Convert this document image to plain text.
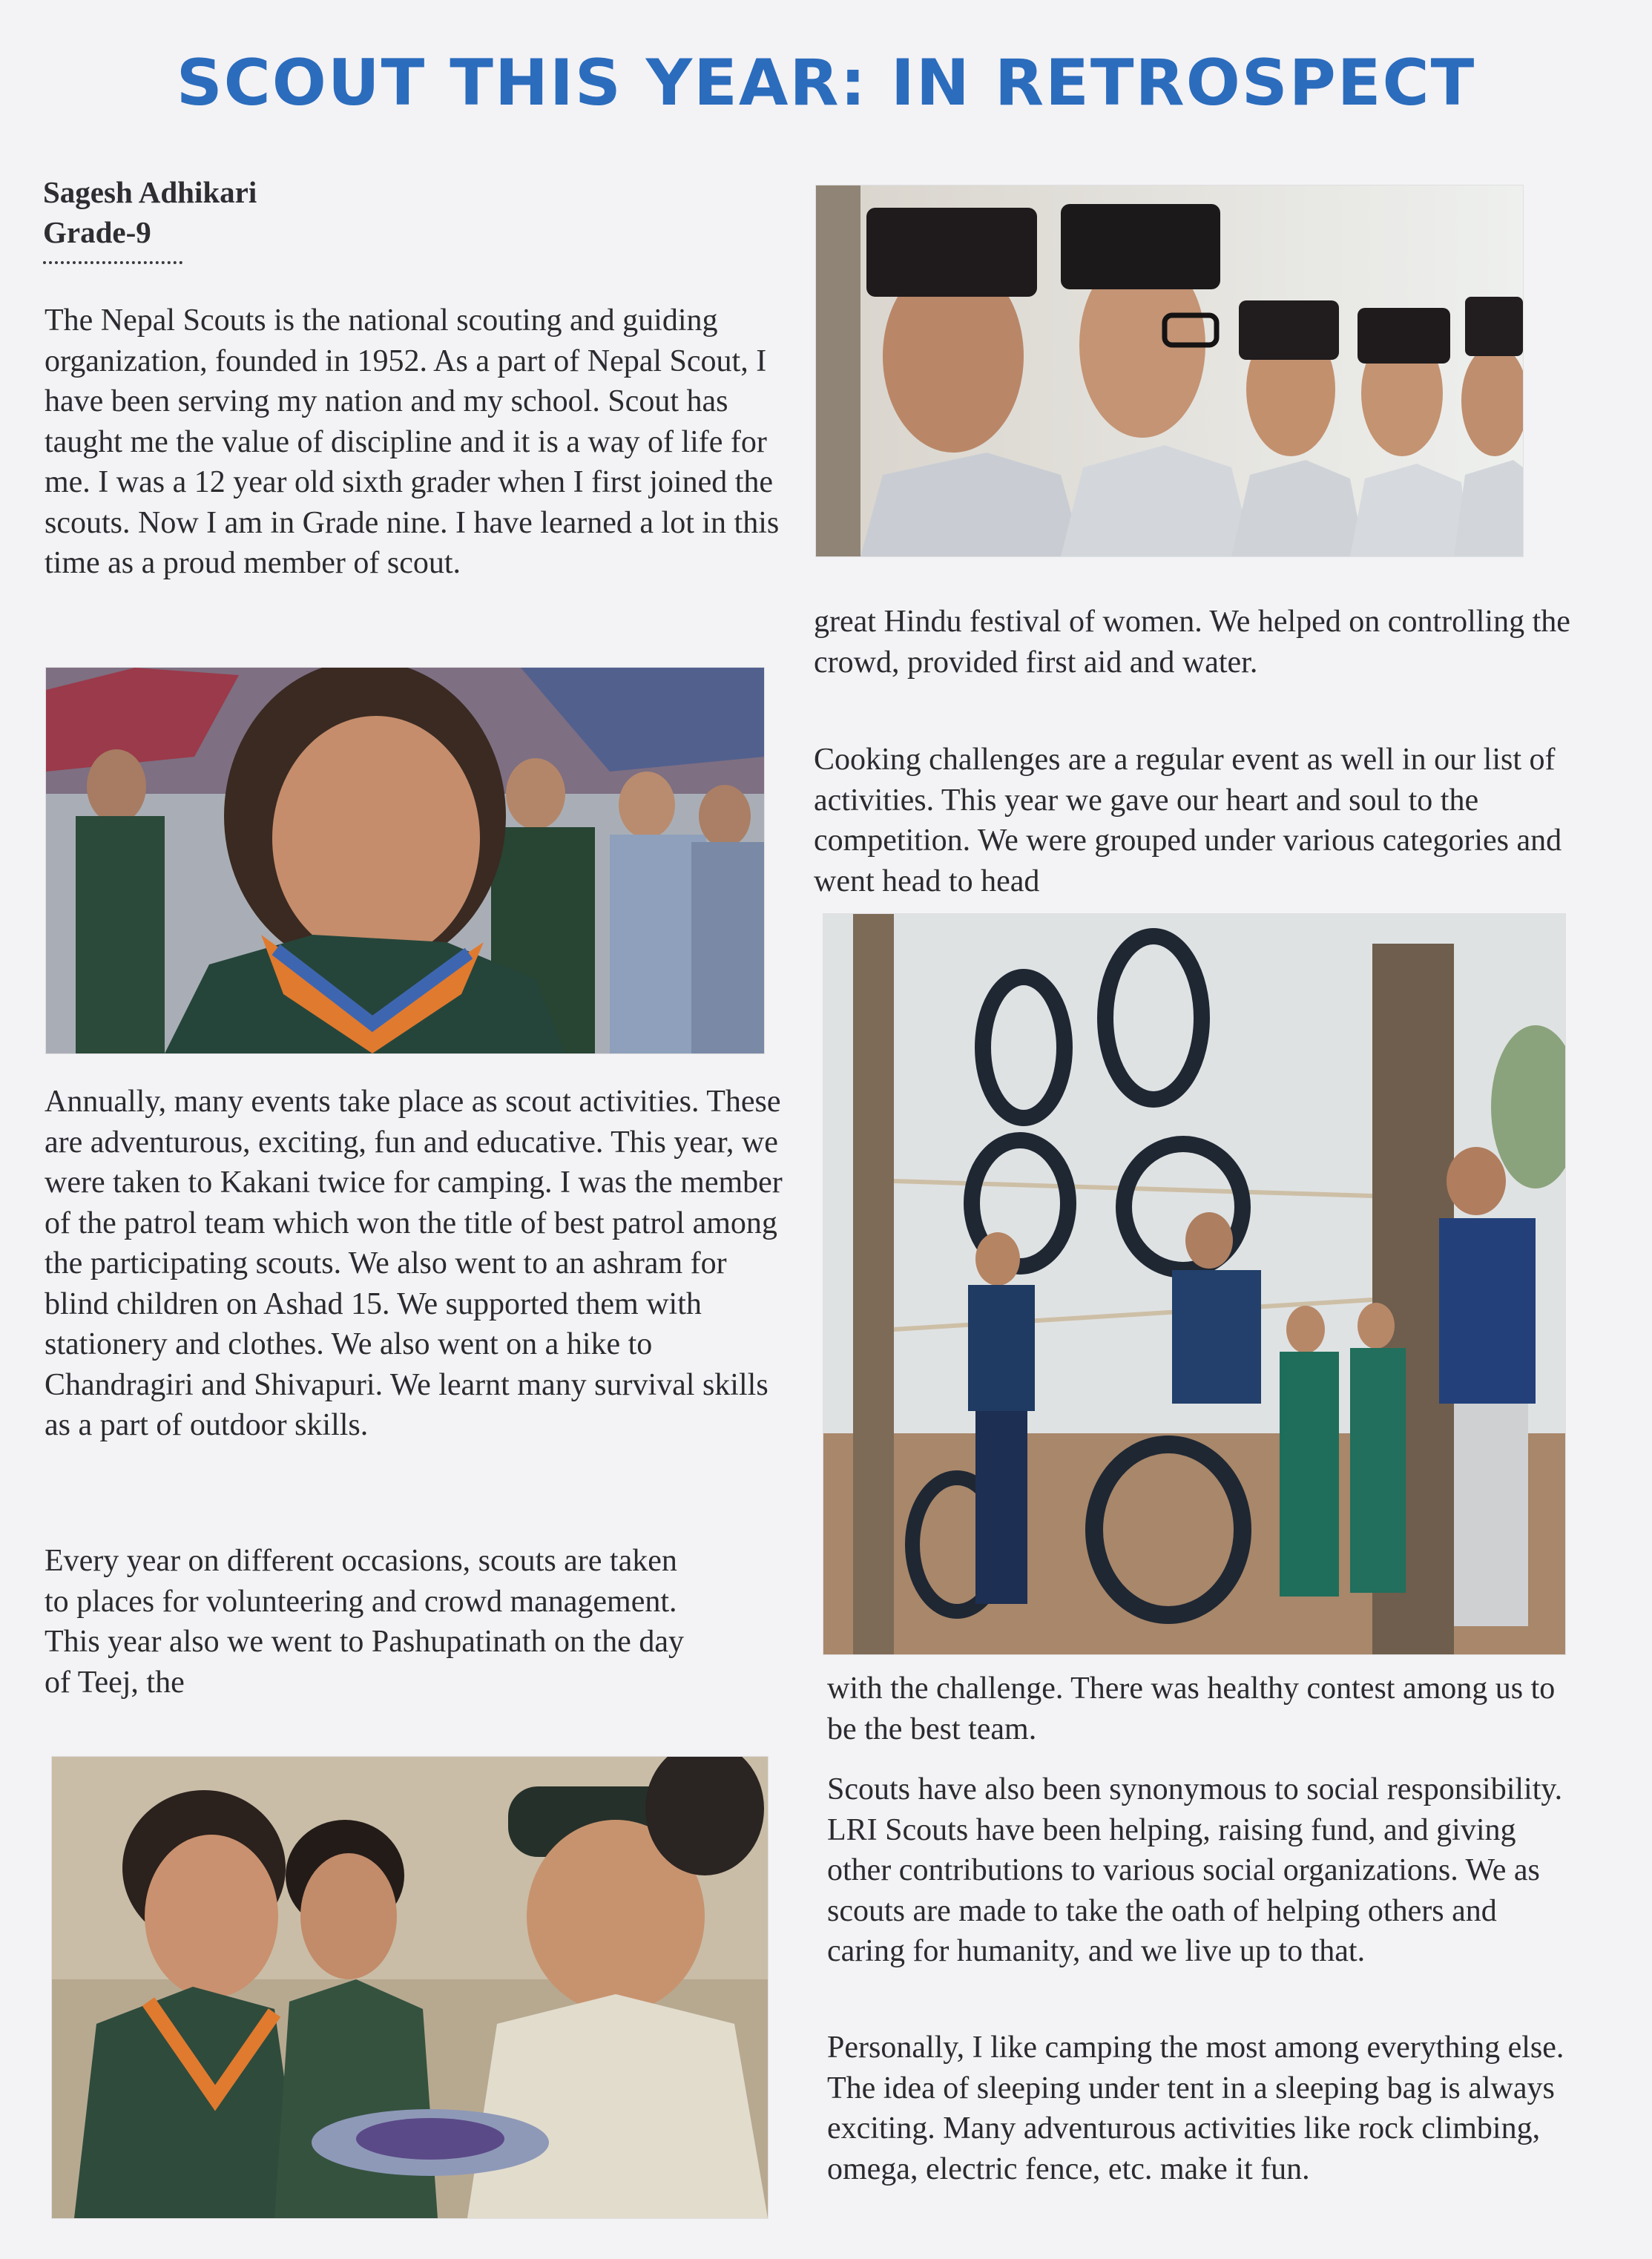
SCOUT THIS YEAR: IN RETROSPECT
Sagesh Adhikari
Grade-9

The Nepal Scouts is the national scouting and guiding organization, founded in 1952. As a part of Nepal Scout, I have been serving my nation and my school. Scout has taught me the value of discipline and it is a way of life for me. I was a 12 year old sixth grader when I first joined the scouts. Now I am in Grade nine. I have learned a lot in this time as a proud member of scout.

Annually, many events take place as scout activities. These are adventurous, exciting, fun and educative. This year, we were taken to Kakani twice for camping. I was the member of the patrol team which won the title of best patrol among the participating scouts. We also went to an ashram for blind children on Ashad 15. We supported them with stationery and clothes. We also went on a hike to Chandragiri and Shivapuri. We learnt many survival skills as a part of outdoor skills.

Every year on different occasions, scouts are taken to places for volunteering and crowd management. This year also we went to Pashupatinath on the day of Teej, the

great Hindu festival of women. We helped on controlling the crowd, provided first aid and water.

Cooking challenges are a regular event as well in our list of activities. This year we gave our heart and soul to the competition. We were grouped under various categories and went head to head

with the challenge. There was healthy contest among us to be the best team.

Scouts have also been synonymous to social responsibility. LRI Scouts have been helping, raising fund, and giving other contributions to various social organizations. We as scouts are made to take the oath of helping others and caring for humanity, and we live up to that.

Personally, I like camping the most among everything else. The idea of sleeping under tent in a sleeping bag is always exciting. Many adventurous activities like rock climbing, omega, electric fence, etc. make it fun.
